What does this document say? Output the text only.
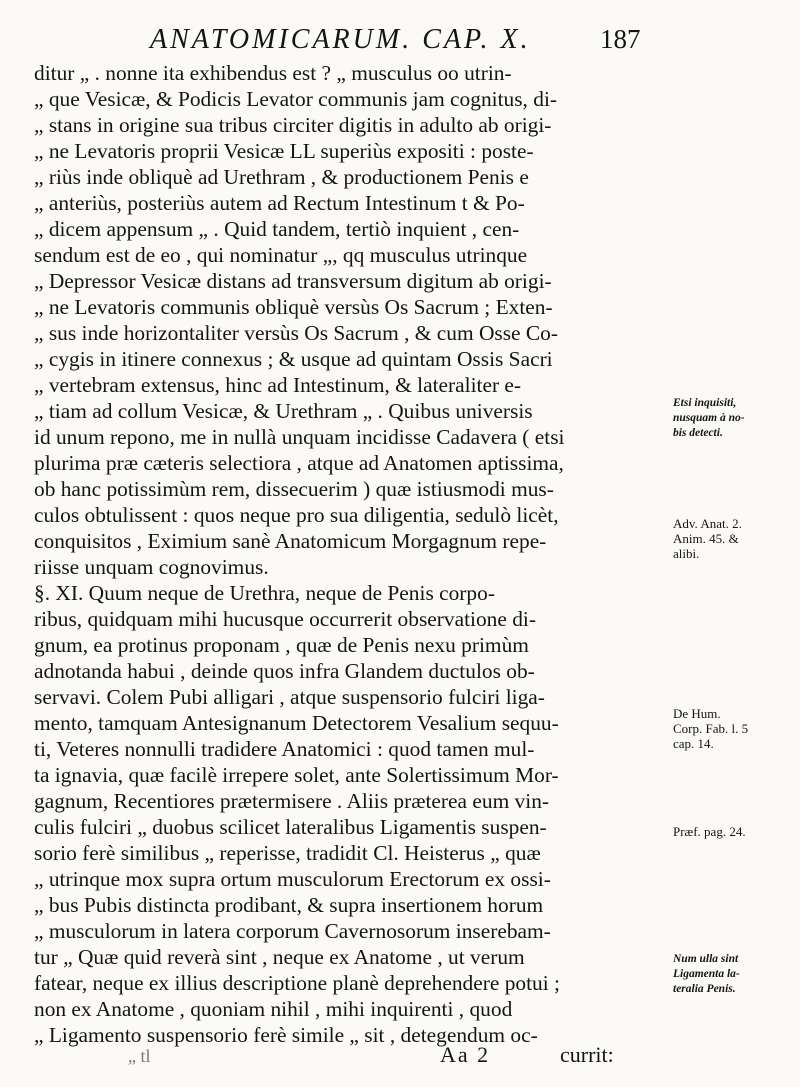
ANATOMICARUM. CAP. X.	187
ditur „ . nonne ita exhibendus est ? „ musculus oo utrin-
„ que Vesicæ, & Podicis Levator communis jam cognitus, di-
„ stans in origine sua tribus circiter digitis in adulto ab origi-
„ ne Levatoris proprii Vesicæ LL superiùs expositi : poste-
„ riùs inde obliquè ad Urethram , & productionem Penis e
„ anteriùs, posteriùs autem ad Rectum Intestinum t & Po-
„ dicem appensum „ . Quid tandem, tertiò inquient , cen-
sendum est de eo , qui nominatur „, qq musculus utrinque
„ Depressor Vesicæ distans ad transversum digitum ab origi-
„ ne Levatoris communis obliquè versùs Os Sacrum ; Exten-
„ sus inde horizontaliter versùs Os Sacrum , & cum Osse Co-
„ cygis in itinere connexus ; & usque ad quintam Ossis Sacri
„ vertebram extensus, hinc ad Intestinum, & lateraliter e-
„ tiam ad collum Vesicæ, & Urethram „ . Quibus universis
id unum repono, me in nullà unquam incidisse Cadavera ( etsi
plurima præ cæteris selectiora , atque ad Anatomen aptissima,
ob hanc potissimùm rem, dissecuerim ) quæ istiusmodi mus-
culos obtulissent : quos neque pro sua diligentia, sedulò licèt,
conquisitos , Eximium sanè Anatomicum Morgagnum repe-
riisse unquam cognovimus.
§. XI. Quum neque de Urethra, neque de Penis corpo-
ribus, quidquam mihi hucusque occurrerit observatione di-
gnum, ea protinus proponam , quæ de Penis nexu primùm
adnotanda habui , deinde quos infra Glandem ductulos ob-
servavi. Colem Pubi alligari , atque suspensorio fulciri liga-
mento, tamquam Antesignanum Detectorem Vesalium sequu-
ti, Veteres nonnulli tradidere Anatomici : quod tamen mul-
ta ignavia, quæ facilè irrepere solet, ante Solertissimum Mor-
gagnum, Recentiores prætermisere . Aliis præterea eum vin-
culis fulciri „ duobus scilicet lateralibus Ligamentis suspen-
sorio ferè similibus „ reperisse, tradidit Cl. Heisterus „ quæ
„ utrinque mox supra ortum musculorum Erectorum ex ossi-
„ bus Pubis distincta prodibant, & supra insertionem horum
„ musculorum in latera corporum Cavernosorum inserebam-
tur „ Quæ quid reverà sint , neque ex Anatome , ut verum
fatear, neque ex illius descriptione planè deprehendere potui ;
non ex Anatome , quoniam nihil , mihi inquirenti , quod
„ Ligamento suspensorio ferè simile „ sit , detegendum oc-
Etsi inquisiti,
nusquam à no-
bis detecti.
Adv. Anat. 2.
Anim. 45. &
alibi.
De Hum.
Corp. Fab. l. 5
cap. 14.
Præf. pag. 24.
Num ulla sint
Ligamenta la-
teralia Penis.
„ tl	Aa 2	currit:
